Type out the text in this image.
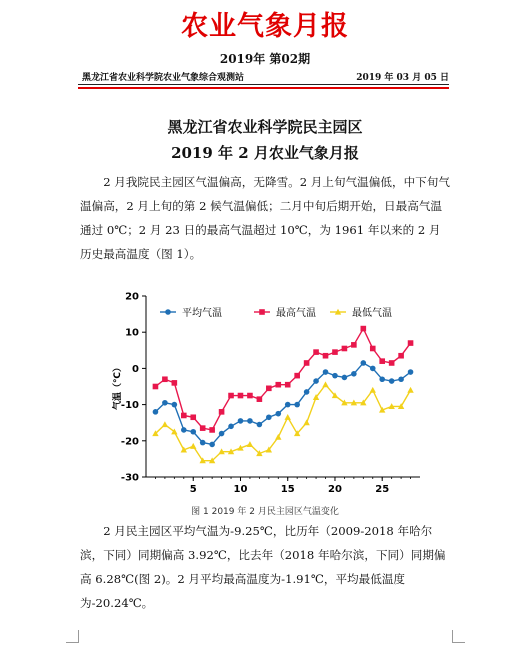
农业气象月报
2019年 第02期
黑龙江省农业科学院农业气象综合观测站	2019 年 03 月 05 日
黑龙江省农业科学院民主园区
2019 年 2 月农业气象月报

2 月我院民主园区气温偏高，无降雪。2 月上旬气温偏低，中下旬气温偏高，2 月上旬的第 2 候气温偏低；二月中旬后期开始，日最高气温通过 0℃；2 月 23 日的最高气温超过 10℃，为 1961 年以来的 2 月历史最高温度（图 1）。

-30
-20
-10
0
10
20
5	10	15	20	25
气温（℃）
平均气温	最高气温	最低气温
图 1 2019 年 2 月民主园区气温变化

2 月民主园区平均气温为-9.25℃，比历年（2009-2018 年哈尔滨，下同）同期偏高 3.92℃，比去年（2018 年哈尔滨，下同）同期偏高 6.28℃(图 2)。2 月平均最高温度为-1.91℃，平均最低温度为-20.24℃。
